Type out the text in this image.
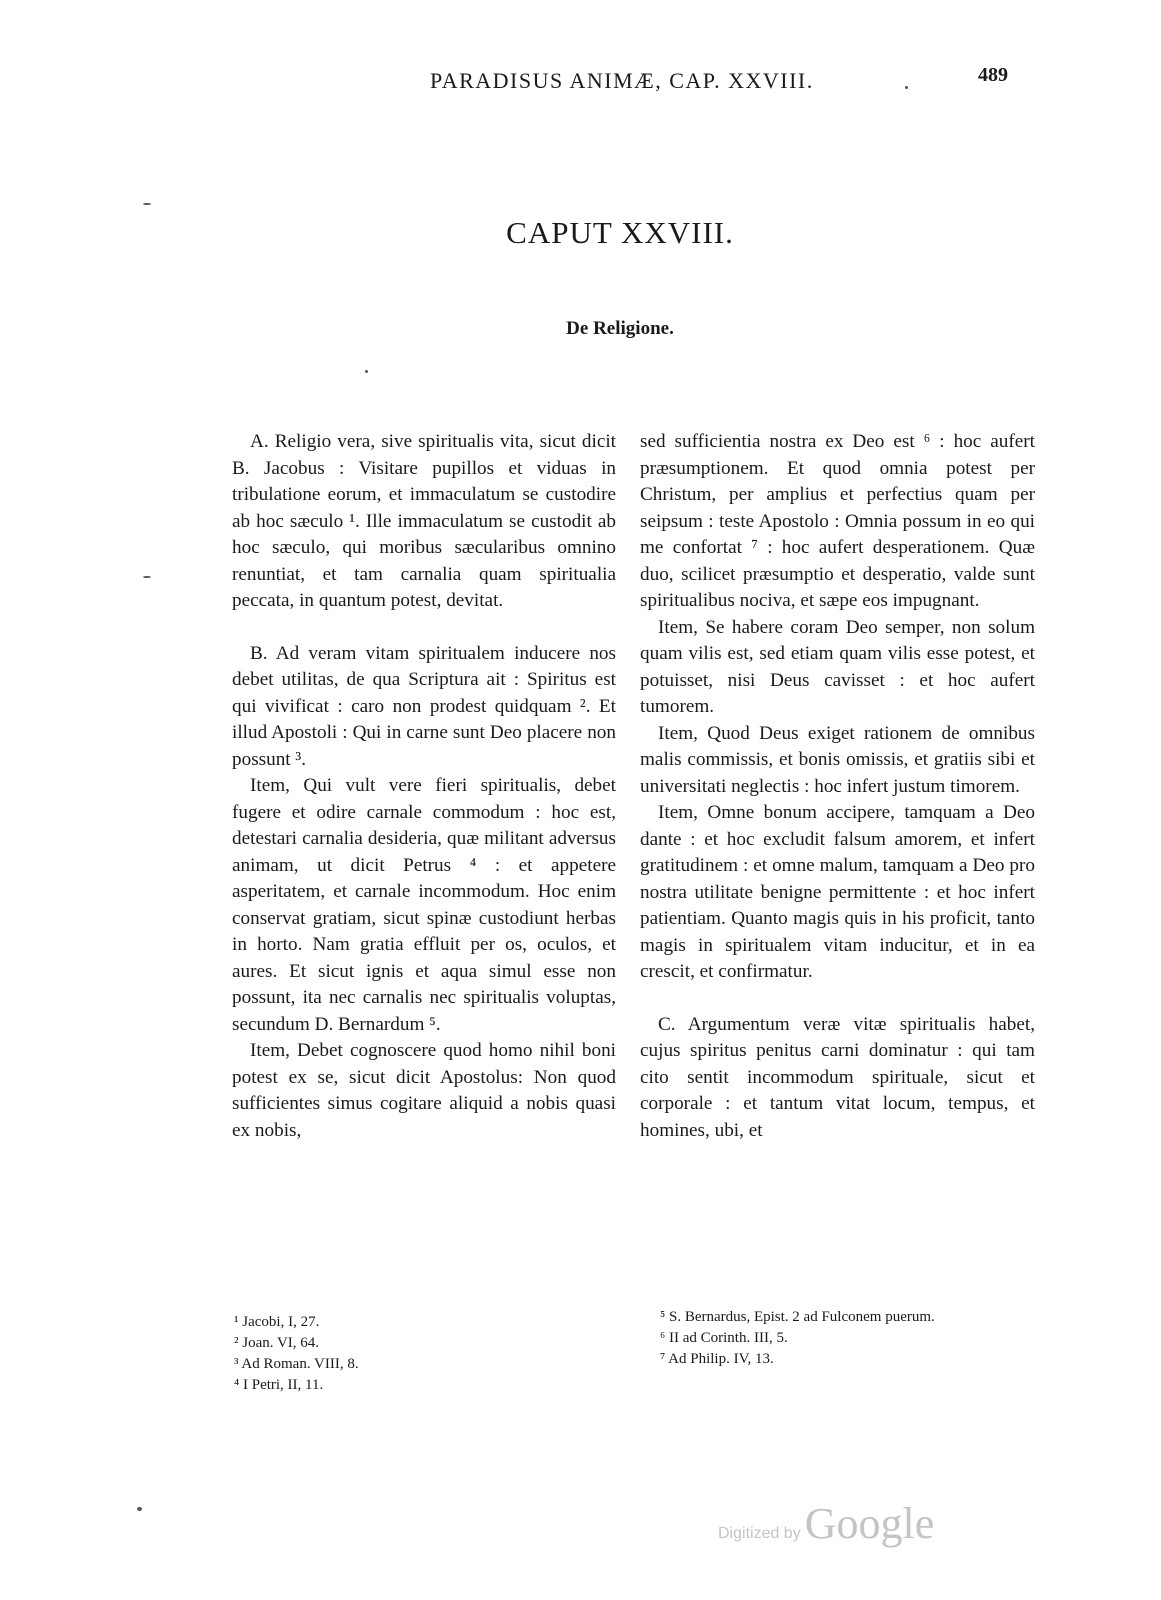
PARADISUS ANIMÆ, CAP. XXVIII.	489
CAPUT XXVIII.
De Religione.

A. Religio vera, sive spiritualis vita, sicut dicit B. Jacobus : Visitare pupillos et viduas in tribulatione eorum, et immaculatum se custodire ab hoc sæculo ¹. Ille immaculatum se custodit ab hoc sæculo, qui moribus sæcularibus omnino renuntiat, et tam carnalia quam spiritualia peccata, in quantum potest, devitat.

B. Ad veram vitam spiritualem inducere nos debet utilitas, de qua Scriptura ait : Spiritus est qui vivificat : caro non prodest quidquam ². Et illud Apostoli : Qui in carne sunt Deo placere non possunt ³.

Item, Qui vult vere fieri spiritualis, debet fugere et odire carnale commodum : hoc est, detestari carnalia desideria, quæ militant adversus animam, ut dicit Petrus ⁴ : et appetere asperitatem, et carnale incommodum. Hoc enim conservat gratiam, sicut spinæ custodiunt herbas in horto. Nam gratia effluit per os, oculos, et aures. Et sicut ignis et aqua simul esse non possunt, ita nec carnalis nec spiritualis voluptas, secundum D. Bernardum ⁵.

Item, Debet cognoscere quod homo nihil boni potest ex se, sicut dicit Apostolus: Non quod sufficientes simus cogitare aliquid a nobis quasi ex nobis,

sed sufficientia nostra ex Deo est ⁶ : hoc aufert præsumptionem. Et quod omnia potest per Christum, per amplius et perfectius quam per seipsum : teste Apostolo : Omnia possum in eo qui me confortat ⁷ : hoc aufert desperationem. Quæ duo, scilicet præsumptio et desperatio, valde sunt spiritualibus nociva, et sæpe eos impugnant.

Item, Se habere coram Deo semper, non solum quam vilis est, sed etiam quam vilis esse potest, et potuisset, nisi Deus cavisset : et hoc aufert tumorem.

Item, Quod Deus exiget rationem de omnibus malis commissis, et bonis omissis, et gratiis sibi et universitati neglectis : hoc infert justum timorem.

Item, Omne bonum accipere, tamquam a Deo dante : et hoc excludit falsum amorem, et infert gratitudinem : et omne malum, tamquam a Deo pro nostra utilitate benigne permittente : et hoc infert patientiam. Quanto magis quis in his proficit, tanto magis in spiritualem vitam inducitur, et in ea crescit, et confirmatur.

C. Argumentum veræ vitæ spiritualis habet, cujus spiritus penitus carni dominatur : qui tam cito sentit incommodum spirituale, sicut et corporale : et tantum vitat locum, tempus, et homines, ubi, et

¹ Jacobi, I, 27.

² Joan. VI, 64.

³ Ad Roman. VIII, 8.

⁴ I Petri, II, 11.

⁵ S. Bernardus, Epist. 2 ad Fulconem puerum.

⁶ II ad Corinth. III, 5.

⁷ Ad Philip. IV, 13.

Digitized by Google
